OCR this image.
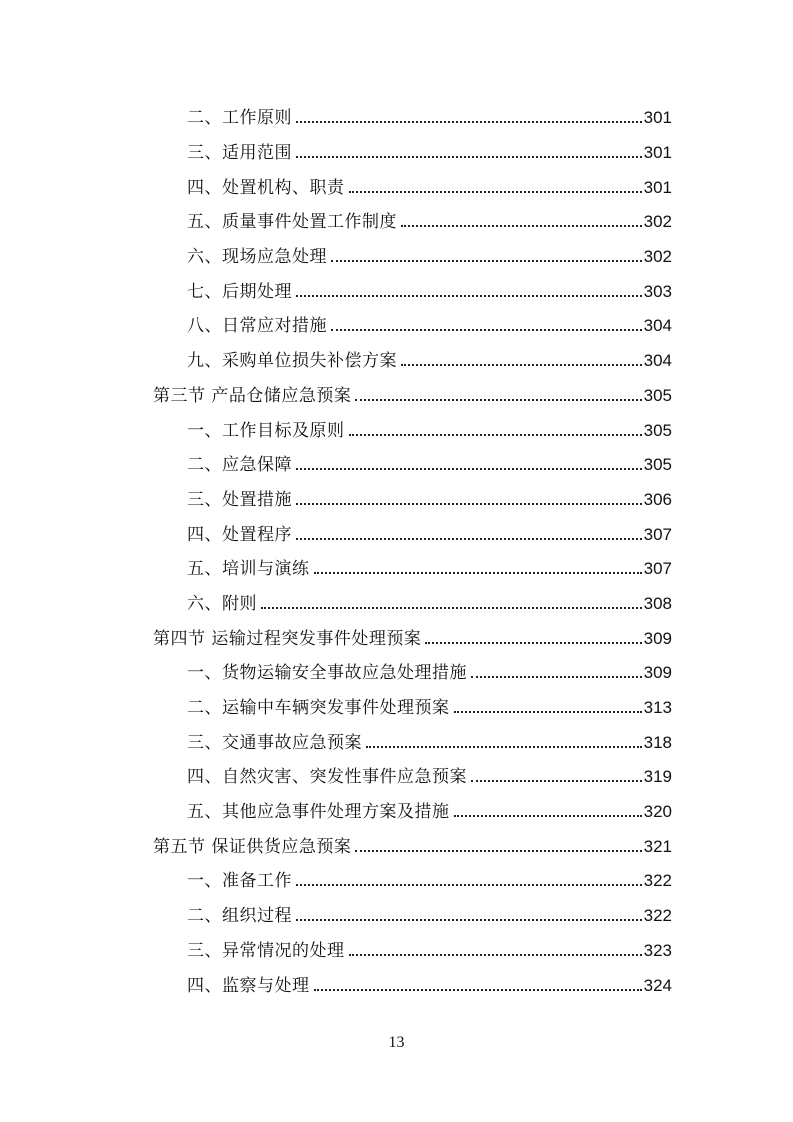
二、工作原则	301
三、适用范围	301
四、处置机构、职责	301
五、质量事件处置工作制度	302
六、现场应急处理	302
七、后期处理	303
八、日常应对措施	304
九、采购单位损失补偿方案	304
第三节 产品仓储应急预案	305
一、工作目标及原则	305
二、应急保障	305
三、处置措施	306
四、处置程序	307
五、培训与演练	307
六、附则	308
第四节 运输过程突发事件处理预案	309
一、货物运输安全事故应急处理措施	309
二、运输中车辆突发事件处理预案	313
三、交通事故应急预案	318
四、自然灾害、突发性事件应急预案	319
五、其他应急事件处理方案及措施	320
第五节 保证供货应急预案	321
一、准备工作	322
二、组织过程	322
三、异常情况的处理	323
四、监察与处理	324
13
